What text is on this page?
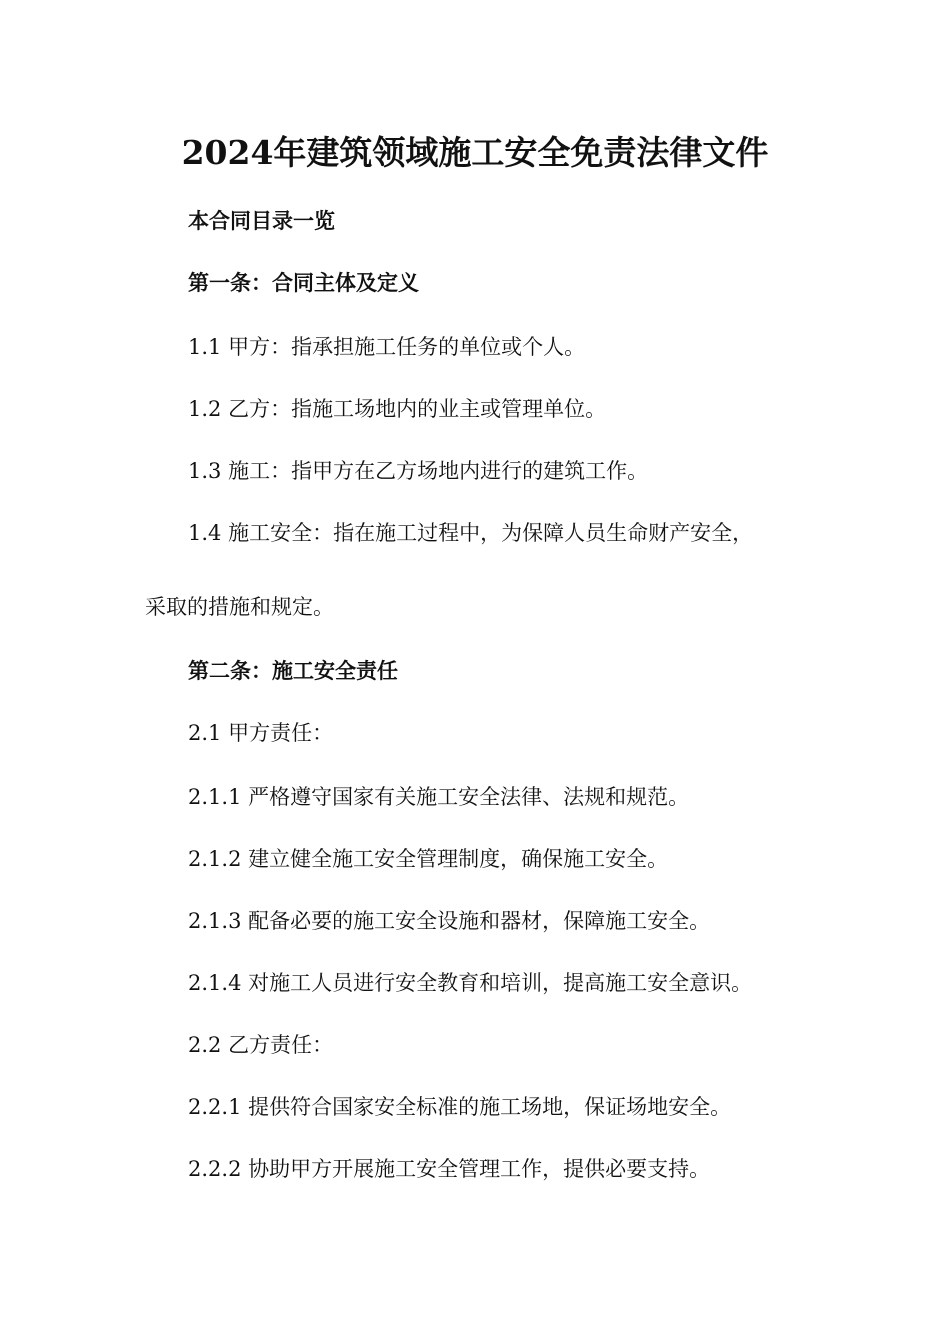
2024年建筑领域施工安全免责法律文件
本合同目录一览
第一条：合同主体及定义
1.1 甲方：指承担施工任务的单位或个人。
1.2 乙方：指施工场地内的业主或管理单位。
1.3 施工：指甲方在乙方场地内进行的建筑工作。
1.4 施工安全：指在施工过程中，为保障人员生命财产安全，
采取的措施和规定。
第二条：施工安全责任
2.1 甲方责任：
2.1.1 严格遵守国家有关施工安全法律、法规和规范。
2.1.2 建立健全施工安全管理制度，确保施工安全。
2.1.3 配备必要的施工安全设施和器材，保障施工安全。
2.1.4 对施工人员进行安全教育和培训，提高施工安全意识。
2.2 乙方责任：
2.2.1 提供符合国家安全标准的施工场地，保证场地安全。
2.2.2 协助甲方开展施工安全管理工作，提供必要支持。
